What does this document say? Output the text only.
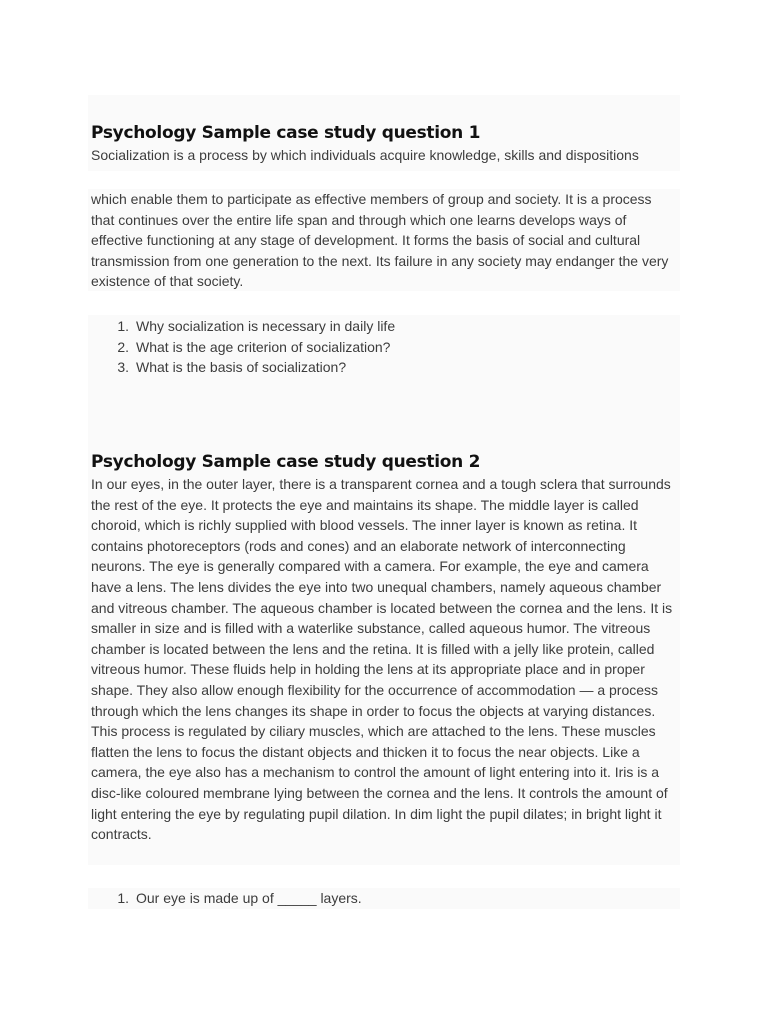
Psychology Sample case study question 1

Socialization is a process by which individuals acquire knowledge, skills and dispositions

which enable them to participate as effective members of group and society. It is a process that continues over the entire life span and through which one learns develops ways of effective functioning at any stage of development. It forms the basis of social and cultural transmission from one generation to the next. Its failure in any society may endanger the very existence of that society.

1. Why socialization is necessary in daily life
2. What is the age criterion of socialization?
3. What is the basis of socialization?
Psychology Sample case study question 2

In our eyes, in the outer layer, there is a transparent cornea and a tough sclera that surrounds the rest of the eye. It protects the eye and maintains its shape. The middle layer is called choroid, which is richly supplied with blood vessels. The inner layer is known as retina. It contains photoreceptors (rods and cones) and an elaborate network of interconnecting neurons. The eye is generally compared with a camera. For example, the eye and camera have a lens. The lens divides the eye into two unequal chambers, namely aqueous chamber and vitreous chamber. The aqueous chamber is located between the cornea and the lens. It is smaller in size and is filled with a waterlike substance, called aqueous humor. The vitreous chamber is located between the lens and the retina. It is filled with a jelly like protein, called vitreous humor. These fluids help in holding the lens at its appropriate place and in proper shape. They also allow enough flexibility for the occurrence of accommodation — a process through which the lens changes its shape in order to focus the objects at varying distances. This process is regulated by ciliary muscles, which are attached to the lens. These muscles flatten the lens to focus the distant objects and thicken it to focus the near objects. Like a camera, the eye also has a mechanism to control the amount of light entering into it. Iris is a disc-like coloured membrane lying between the cornea and the lens. It controls the amount of light entering the eye by regulating pupil dilation. In dim light the pupil dilates; in bright light it contracts.

1. Our eye is made up of _____ layers.
